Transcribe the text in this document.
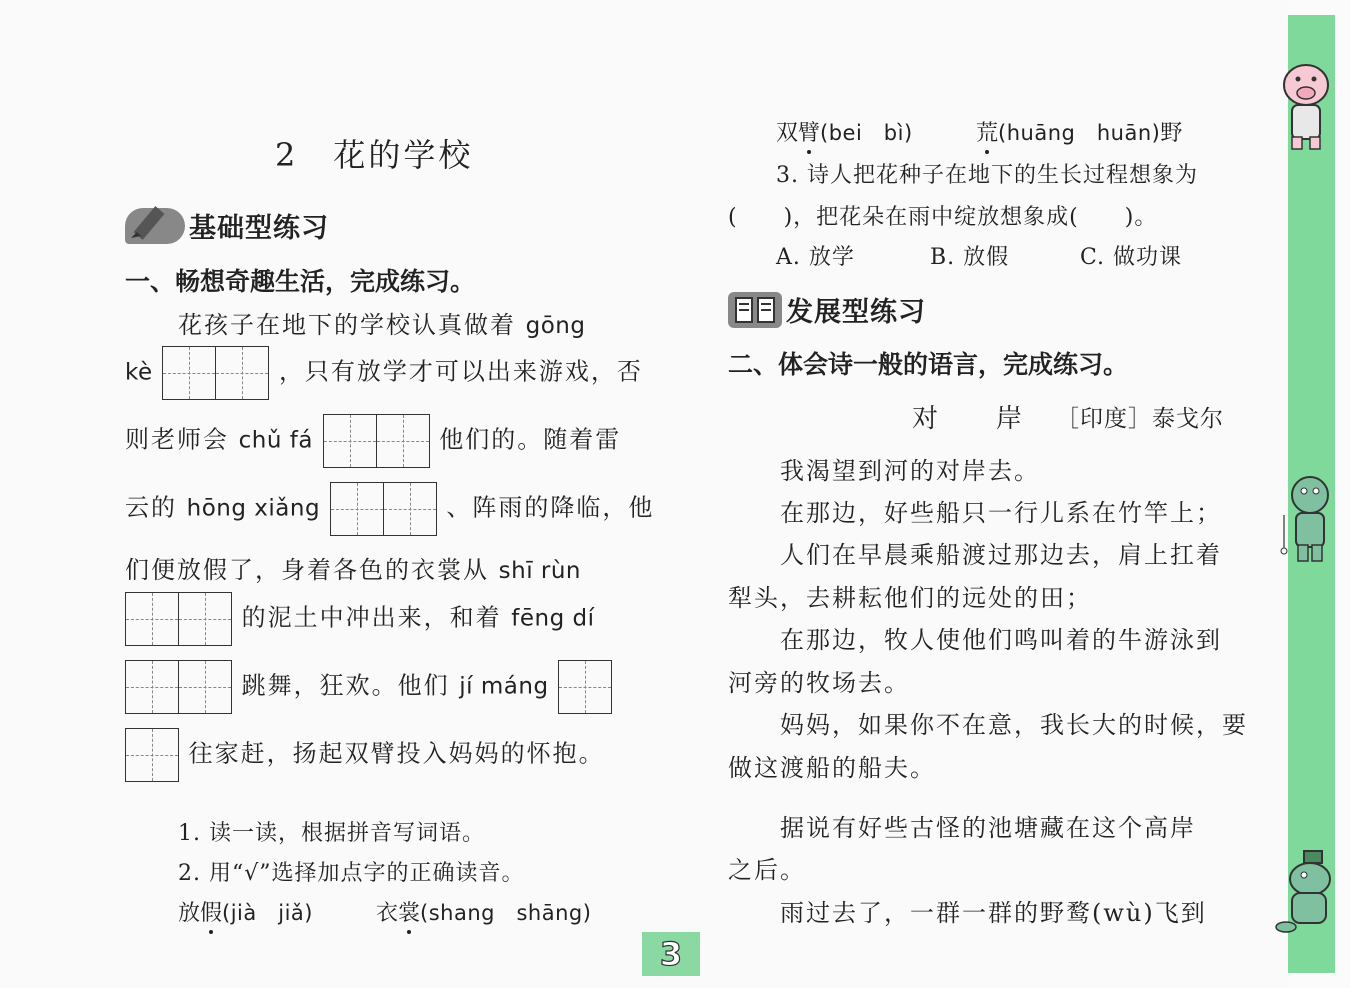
2　花的学校
基础型练习
一、畅想奇趣生活，完成练习。
花孩子在地下的学校认真做着 gōng
kè	，只有放学才可以出来游戏，否
则老师会 chǔ fá	他们的。随着雷
云的 hōng xiǎng	、阵雨的降临，他
们便放假了，身着各色的衣裳从 shī rùn
的泥土中冲出来，和着 fēng dí
跳舞，狂欢。他们 jí máng
往家赶，扬起双臂投入妈妈的怀抱。
1. 读一读，根据拼音写词语。
2. 用“√”选择加点字的正确读音。
放假(jià　jiǎ)	衣裳(shang　shāng)
双臂(bei　bì)	荒(huāng　huān)野
3. 诗人把花种子在地下的生长过程想象为
(　　)，把花朵在雨中绽放想象成(　　)。
A. 放学	B. 放假	C. 做功课
发展型练习
二、体会诗一般的语言，完成练习。
对　　岸 ［印度］泰戈尔
我渴望到河的对岸去。
在那边，好些船只一行儿系在竹竿上；
人们在早晨乘船渡过那边去，肩上扛着
犁头，去耕耘他们的远处的田；
在那边，牧人使他们鸣叫着的牛游泳到
河旁的牧场去。
妈妈，如果你不在意，我长大的时候，要
做这渡船的船夫。
据说有好些古怪的池塘藏在这个高岸
之后。
雨过去了，一群一群的野鹜(wù)飞到
3
